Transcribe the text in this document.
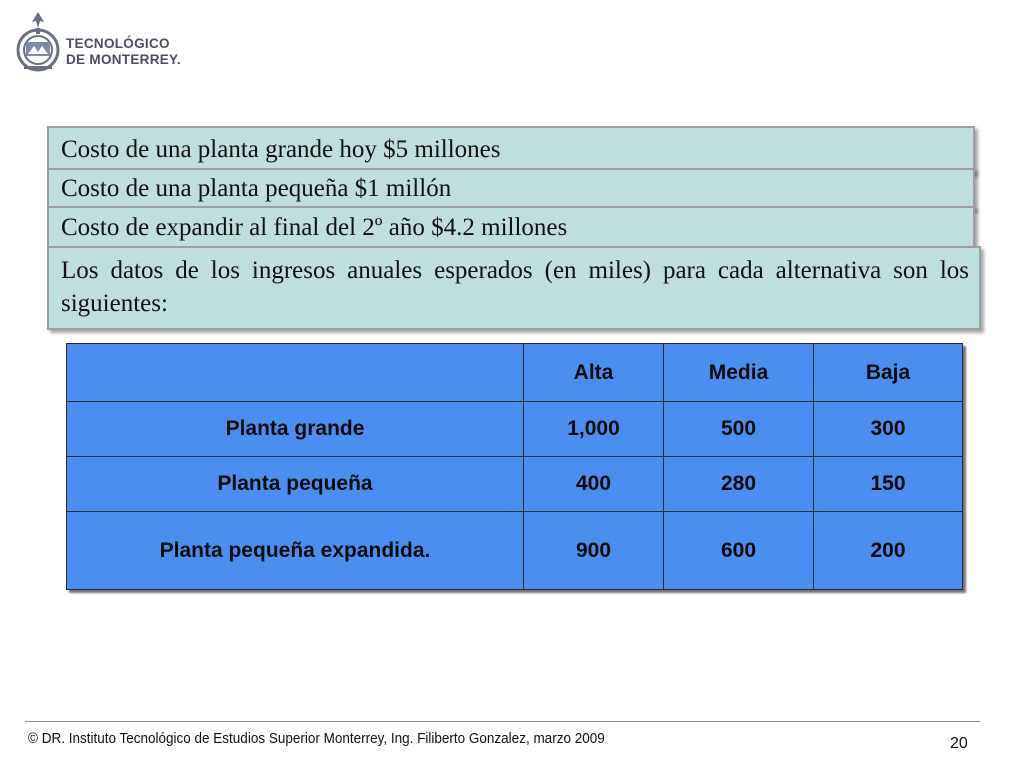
TECNOLÓGICO
DE MONTERREY.
Costo de una planta grande hoy $5 millones
Costo de una planta pequeña $1 millón
Costo de expandir al final del 2º año $4.2 millones

Los datos de los ingresos anuales esperados (en miles) para cada alternativa son los siguientes:

	Alta	Media	Baja
Planta grande	1,000	500	300
Planta pequeña	400	280	150
Planta pequeña expandida.	900	600	200
© DR. Instituto Tecnológico de Estudios Superior Monterrey, Ing. Filiberto Gonzalez, marzo 2009	20
